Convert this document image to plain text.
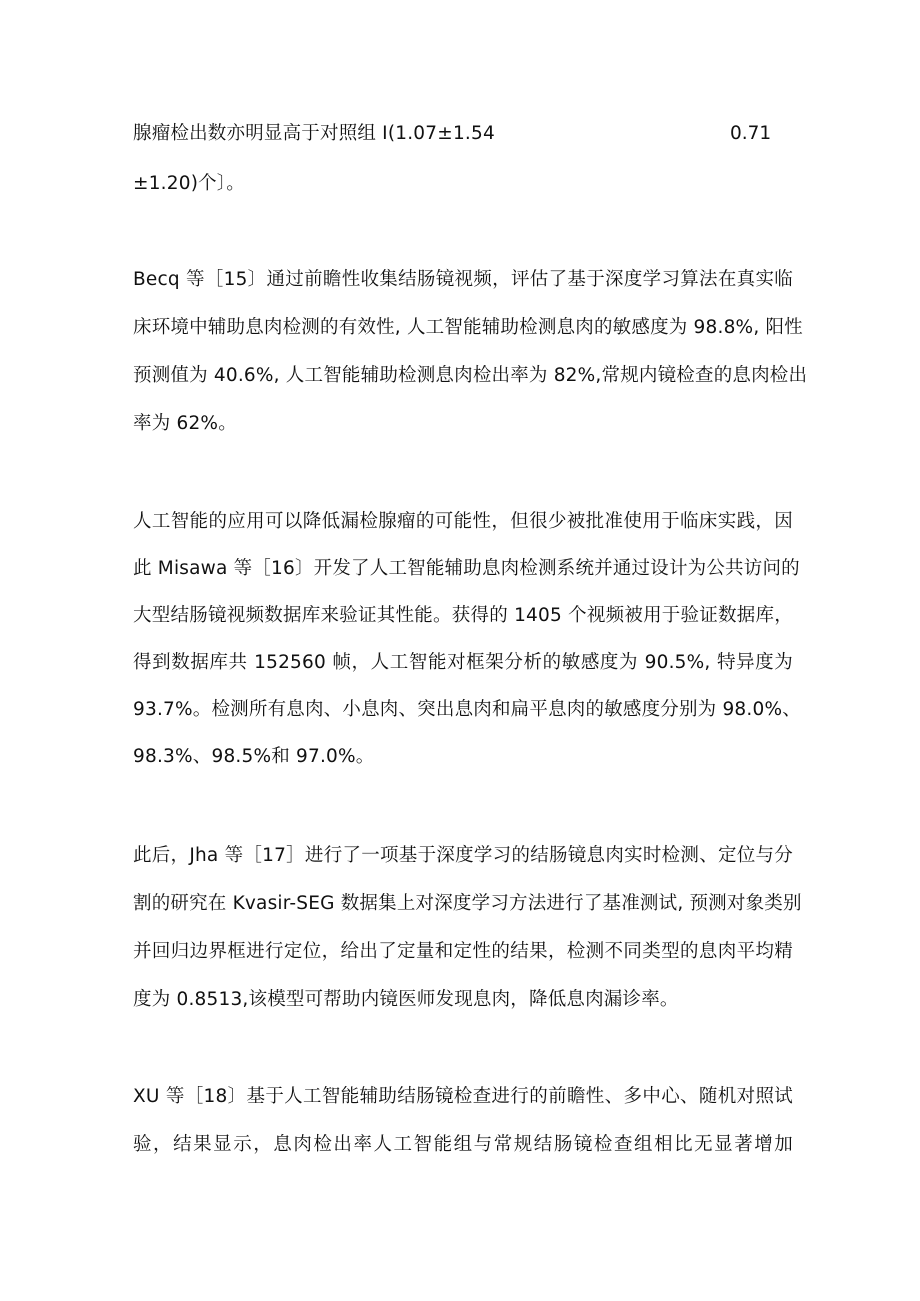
腺瘤检出数亦明显高于对照组 I(1.07±1.54	0.71
±1.20)个〕。
Becq 等［15〕通过前瞻性收集结肠镜视频，评估了基于深度学习算法在真实临
床环境中辅助息肉检测的有效性, 人工智能辅助检测息肉的敏感度为 98.8%, 阳性
预测值为 40.6%, 人工智能辅助检测息肉检出率为 82%,常规内镜检查的息肉检出
率为 62%。
人工智能的应用可以降低漏检腺瘤的可能性，但很少被批准使用于临床实践，因
此 Misawa 等［16〕开发了人工智能辅助息肉检测系统并通过设计为公共访问的
大型结肠镜视频数据库来验证其性能。获得的 1405 个视频被用于验证数据库，
得到数据库共 152560 帧，人工智能对框架分析的敏感度为 90.5%, 特异度为
93.7%。检测所有息肉、小息肉、突出息肉和扁平息肉的敏感度分别为 98.0%、
98.3%、98.5%和 97.0%。
此后，Jha 等［17］进行了一项基于深度学习的结肠镜息肉实时检测、定位与分
割的研究在 Kvasir-SEG 数据集上对深度学习方法进行了基准测试, 预测对象类别
并回归边界框进行定位，给出了定量和定性的结果，检测不同类型的息肉平均精
度为 0.8513,该模型可帮助内镜医师发现息肉，降低息肉漏诊率。
XU 等［18〕基于人工智能辅助结肠镜检查进行的前瞻性、多中心、随机对照试
验，结果显示，息肉检出率人工智能组与常规结肠镜检查组相比无显著增加
